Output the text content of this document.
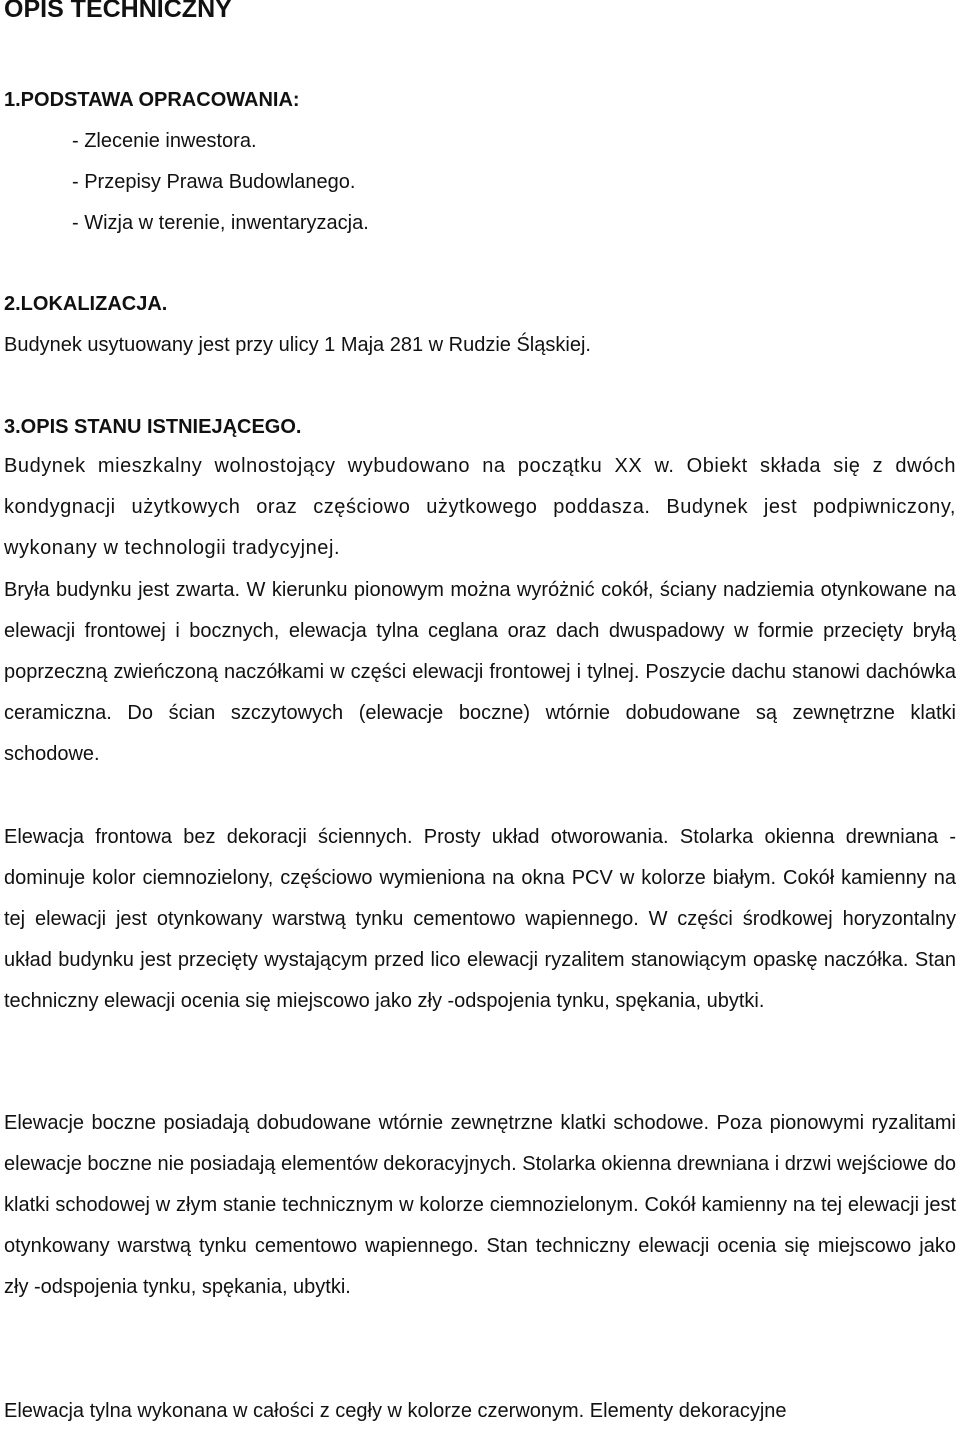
OPIS TECHNICZNY
1.PODSTAWA OPRACOWANIA:

- Zlecenie inwestora.

- Przepisy Prawa Budowlanego.

- Wizja w terenie, inwentaryzacja.

2.LOKALIZACJA.

Budynek usytuowany jest przy ulicy 1 Maja 281 w Rudzie Śląskiej.

3.OPIS STANU ISTNIEJĄCEGO.

Budynek mieszkalny wolnostojący wybudowano na początku XX w. Obiekt składa się z dwóch kondygnacji użytkowych oraz częściowo użytkowego poddasza. Budynek jest podpiwniczony, wykonany w technologii tradycyjnej.

Bryła budynku jest zwarta. W kierunku pionowym można wyróżnić cokół, ściany nadziemia otynkowane na elewacji frontowej i bocznych, elewacja tylna ceglana oraz dach dwuspadowy w formie przecięty bryłą poprzeczną zwieńczoną naczółkami w części elewacji frontowej i tylnej. Poszycie dachu stanowi dachówka ceramiczna. Do ścian szczytowych (elewacje boczne) wtórnie dobudowane są zewnętrzne klatki schodowe.

Elewacja frontowa bez dekoracji ściennych. Prosty układ otworowania. Stolarka okienna drewniana -dominuje kolor ciemnozielony, częściowo wymieniona na okna PCV w kolorze białym. Cokół kamienny na tej elewacji jest otynkowany warstwą tynku cementowo wapiennego. W części środkowej horyzontalny układ budynku jest przecięty wystającym przed lico elewacji ryzalitem stanowiącym opaskę naczółka. Stan techniczny elewacji ocenia się miejscowo jako zły -odspojenia tynku, spękania, ubytki.

Elewacje boczne posiadają dobudowane wtórnie zewnętrzne klatki schodowe. Poza pionowymi ryzalitami elewacje boczne nie posiadają elementów dekoracyjnych. Stolarka okienna drewniana i drzwi wejściowe do klatki schodowej w złym stanie technicznym w kolorze ciemnozielonym. Cokół kamienny na tej elewacji jest otynkowany warstwą tynku cementowo wapiennego. Stan techniczny elewacji ocenia się miejscowo jako zły -odspojenia tynku, spękania, ubytki.

Elewacja tylna wykonana w całości z cegły w kolorze czerwonym. Elementy dekoracyjne
